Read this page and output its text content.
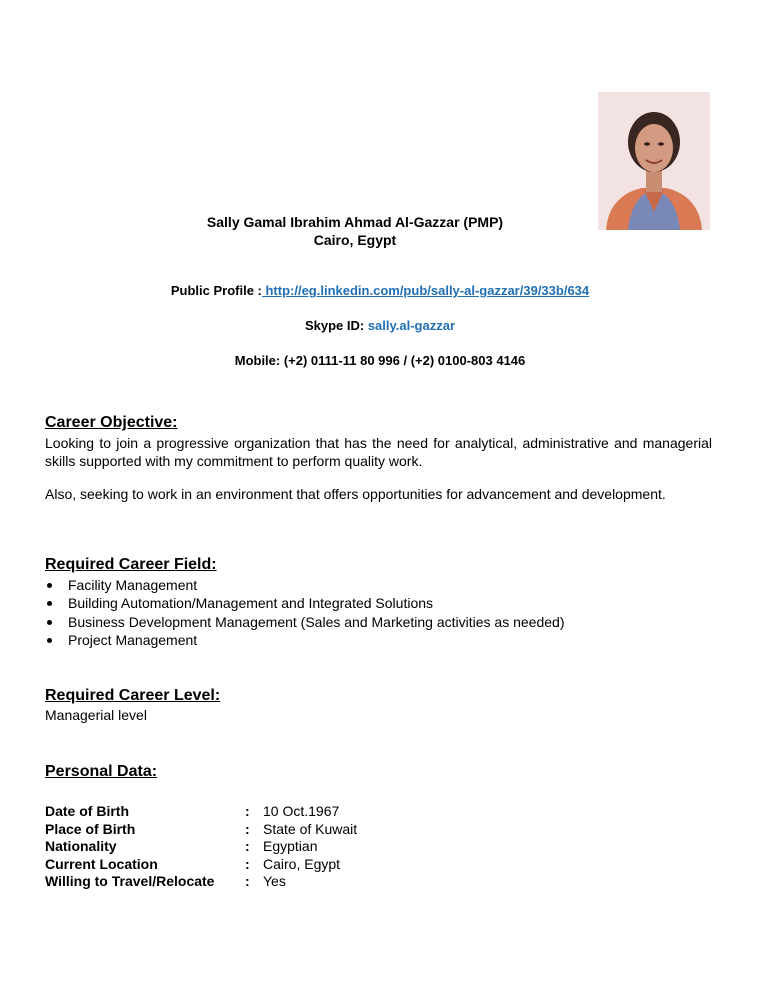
Sally Gamal Ibrahim Ahmad Al-Gazzar (PMP)
Cairo, Egypt
Public Profile : http://eg.linkedin.com/pub/sally-al-gazzar/39/33b/634
Skype ID: sally.al-gazzar
Mobile: (+2) 0111-11 80 996 / (+2) 0100-803 4146
Career Objective:
Looking to join a progressive organization that has the need for analytical, administrative and managerial skills supported with my commitment to perform quality work.
Also, seeking to work in an environment that offers opportunities for advancement and development.
Required Career Field:
Facility Management
Building Automation/Management and Integrated Solutions
Business Development Management (Sales and Marketing activities as needed)
Project Management
Required Career Level:
Managerial level
Personal Data:
Date of Birth	: 10 Oct.1967
Place of Birth	: State of Kuwait
Nationality	: Egyptian
Current Location	: Cairo, Egypt
Willing to Travel/Relocate	: Yes
